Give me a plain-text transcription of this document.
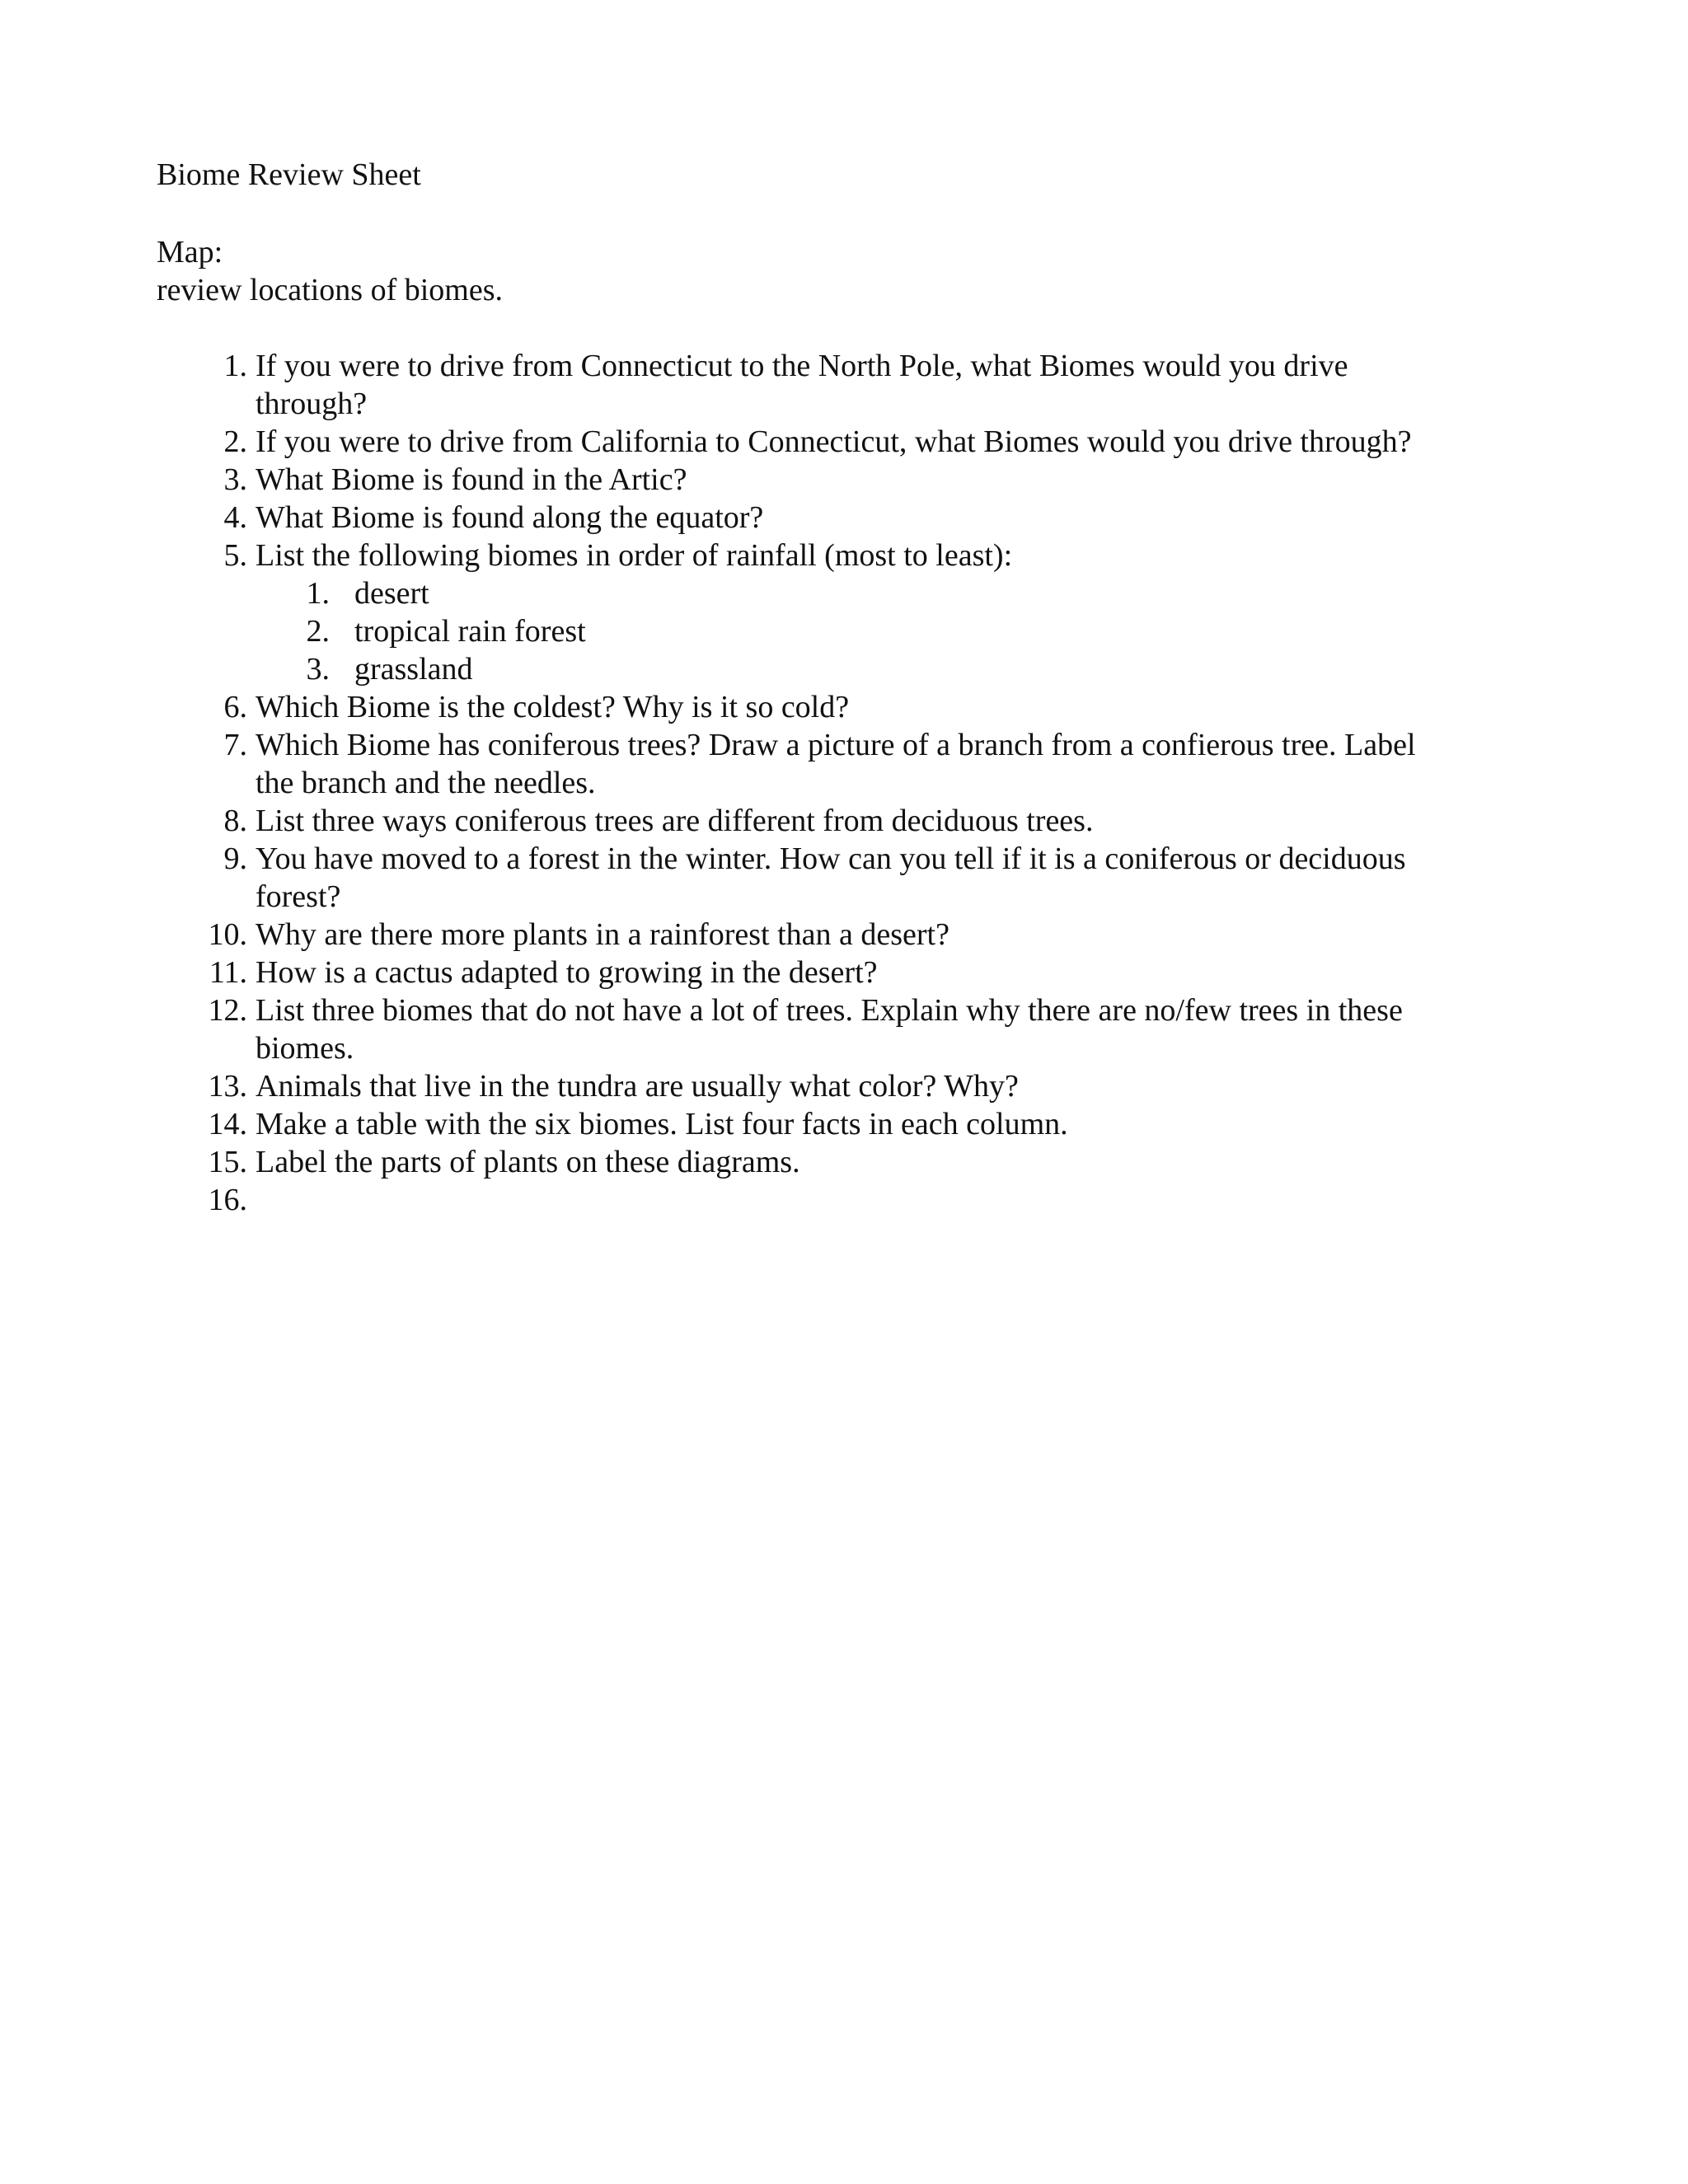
Biome Review Sheet
Map:
review locations of biomes.
1. If you were to drive from Connecticut to the North Pole, what Biomes would you drive
through?
2. If you were to drive from California to Connecticut, what Biomes would you drive through?
3. What Biome is found in the Artic?
4. What Biome is found along the equator?
5. List the following biomes in order of rainfall (most to least):
1. desert
2. tropical rain forest
3. grassland
6. Which Biome is the coldest? Why is it so cold?
7. Which Biome has coniferous trees? Draw a picture of a branch from a confierous tree. Label
the branch and the needles.
8. List three ways coniferous trees are different from deciduous trees.
9. You have moved to a forest in the winter. How can you tell if it is a coniferous or deciduous
forest?
10. Why are there more plants in a rainforest than a desert?
11. How is a cactus adapted to growing in the desert?
12. List three biomes that do not have a lot of trees. Explain why there are no/few trees in these
biomes.
13. Animals that live in the tundra are usually what color? Why?
14. Make a table with the six biomes. List four facts in each column.
15. Label the parts of plants on these diagrams.
16.
